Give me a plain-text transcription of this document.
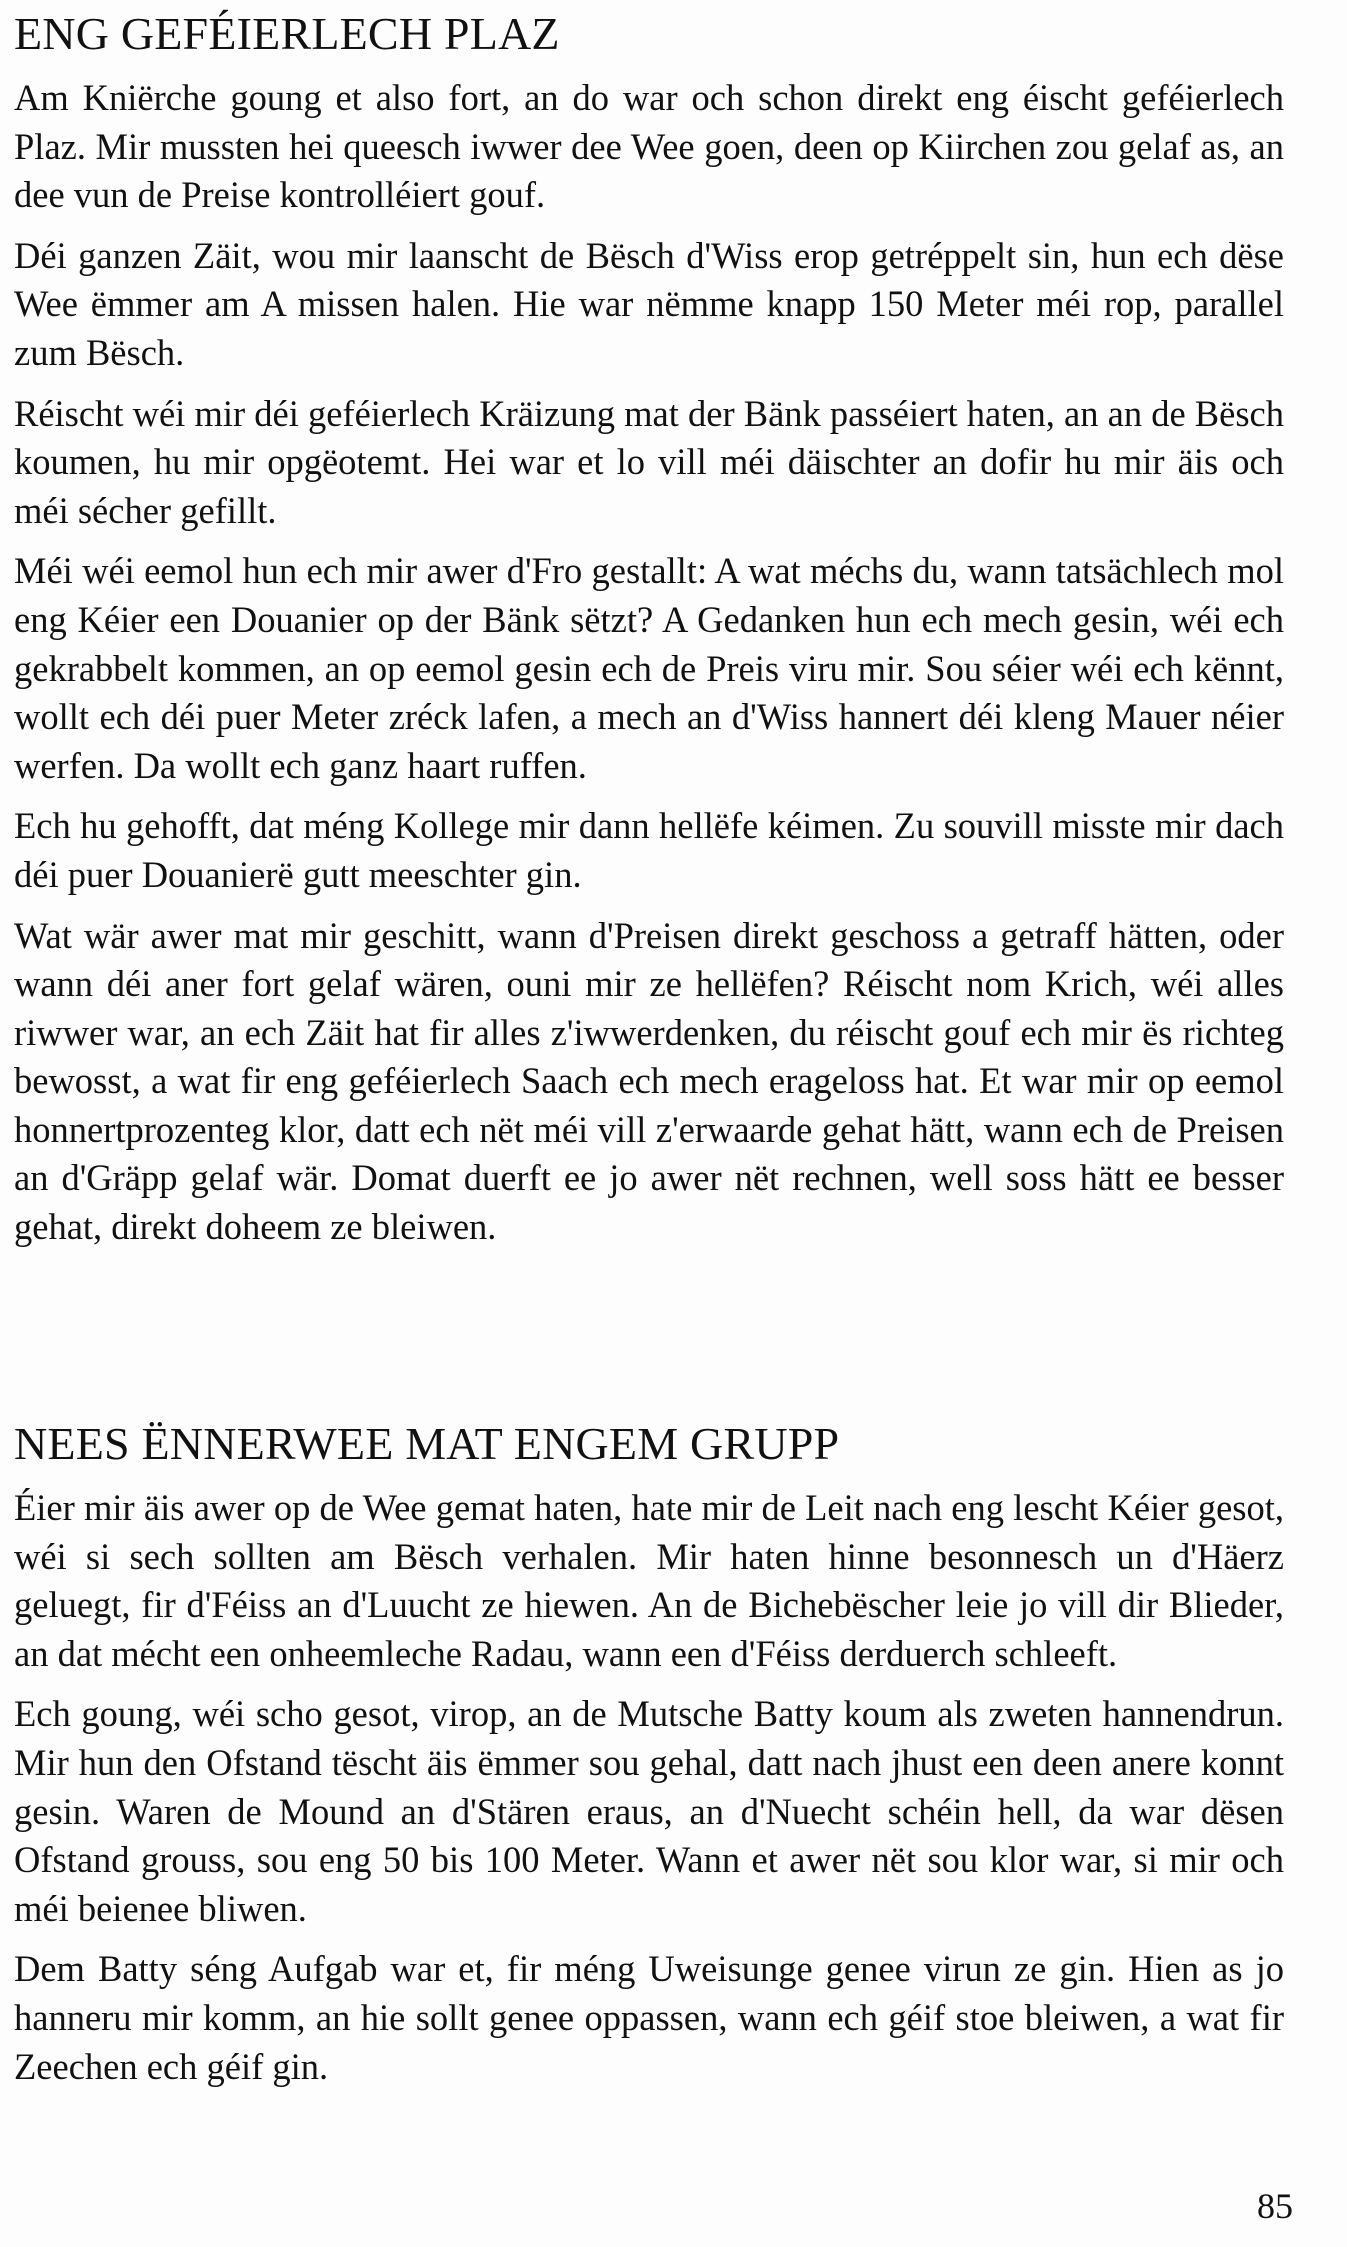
ENG GEFÉIERLECH PLAZ

Am Kniërche goung et also fort, an do war och schon direkt eng éischt geféierlech Plaz. Mir mussten hei queesch iwwer dee Wee goen, deen op Kiirchen zou gelaf as, an dee vun de Preise kontrolléiert gouf.

Déi ganzen Zäit, wou mir laanscht de Bësch d'Wiss erop getréppelt sin, hun ech dëse Wee ëmmer am A missen halen. Hie war nëmme knapp 150 Meter méi rop, parallel zum Bësch.

Réischt wéi mir déi geféierlech Kräizung mat der Bänk passéiert haten, an an de Bësch koumen, hu mir opgëotemt. Hei war et lo vill méi däischter an dofir hu mir äis och méi sécher gefillt.

Méi wéi eemol hun ech mir awer d'Fro gestallt: A wat méchs du, wann tatsächlech mol eng Kéier een Douanier op der Bänk sëtzt? A Gedanken hun ech mech gesin, wéi ech gekrabbelt kommen, an op eemol gesin ech de Preis viru mir. Sou séier wéi ech kënnt, wollt ech déi puer Meter zréck lafen, a mech an d'Wiss hannert déi kleng Mauer néier werfen. Da wollt ech ganz haart ruffen.

Ech hu gehofft, dat méng Kollege mir dann hellëfe kéimen. Zu souvill misste mir dach déi puer Douanierë gutt meeschter gin.

Wat wär awer mat mir geschitt, wann d'Preisen direkt geschoss a getraff hätten, oder wann déi aner fort gelaf wären, ouni mir ze hellëfen? Réischt nom Krich, wéi alles riwwer war, an ech Zäit hat fir alles z'iwwerdenken, du réischt gouf ech mir ës richteg bewosst, a wat fir eng geféierlech Saach ech mech erageloss hat. Et war mir op eemol honnertprozenteg klor, datt ech nët méi vill z'erwaarde gehat hätt, wann ech de Preisen an d'Gräpp gelaf wär. Domat duerft ee jo awer nët rechnen, well soss hätt ee besser gehat, direkt doheem ze bleiwen.

NEES ËNNERWEE MAT ENGEM GRUPP

Éier mir äis awer op de Wee gemat haten, hate mir de Leit nach eng lescht Kéier gesot, wéi si sech sollten am Bësch verhalen. Mir haten hinne besonnesch un d'Häerz geluegt, fir d'Féiss an d'Luucht ze hiewen. An de Bichebëscher leie jo vill dir Blieder, an dat mécht een onheemleche Radau, wann een d'Féiss derduerch schleeft.

Ech goung, wéi scho gesot, virop, an de Mutsche Batty koum als zweten hannendrun. Mir hun den Ofstand tëscht äis ëmmer sou gehal, datt nach jhust een deen anere konnt gesin. Waren de Mound an d'Stären eraus, an d'Nuecht schéin hell, da war dësen Ofstand grouss, sou eng 50 bis 100 Meter. Wann et awer nët sou klor war, si mir och méi beienee bliwen.

Dem Batty séng Aufgab war et, fir méng Uweisunge genee virun ze gin. Hien as jo hanneru mir komm, an hie sollt genee oppassen, wann ech géif stoe bleiwen, a wat fir Zeechen ech géif gin.

85
